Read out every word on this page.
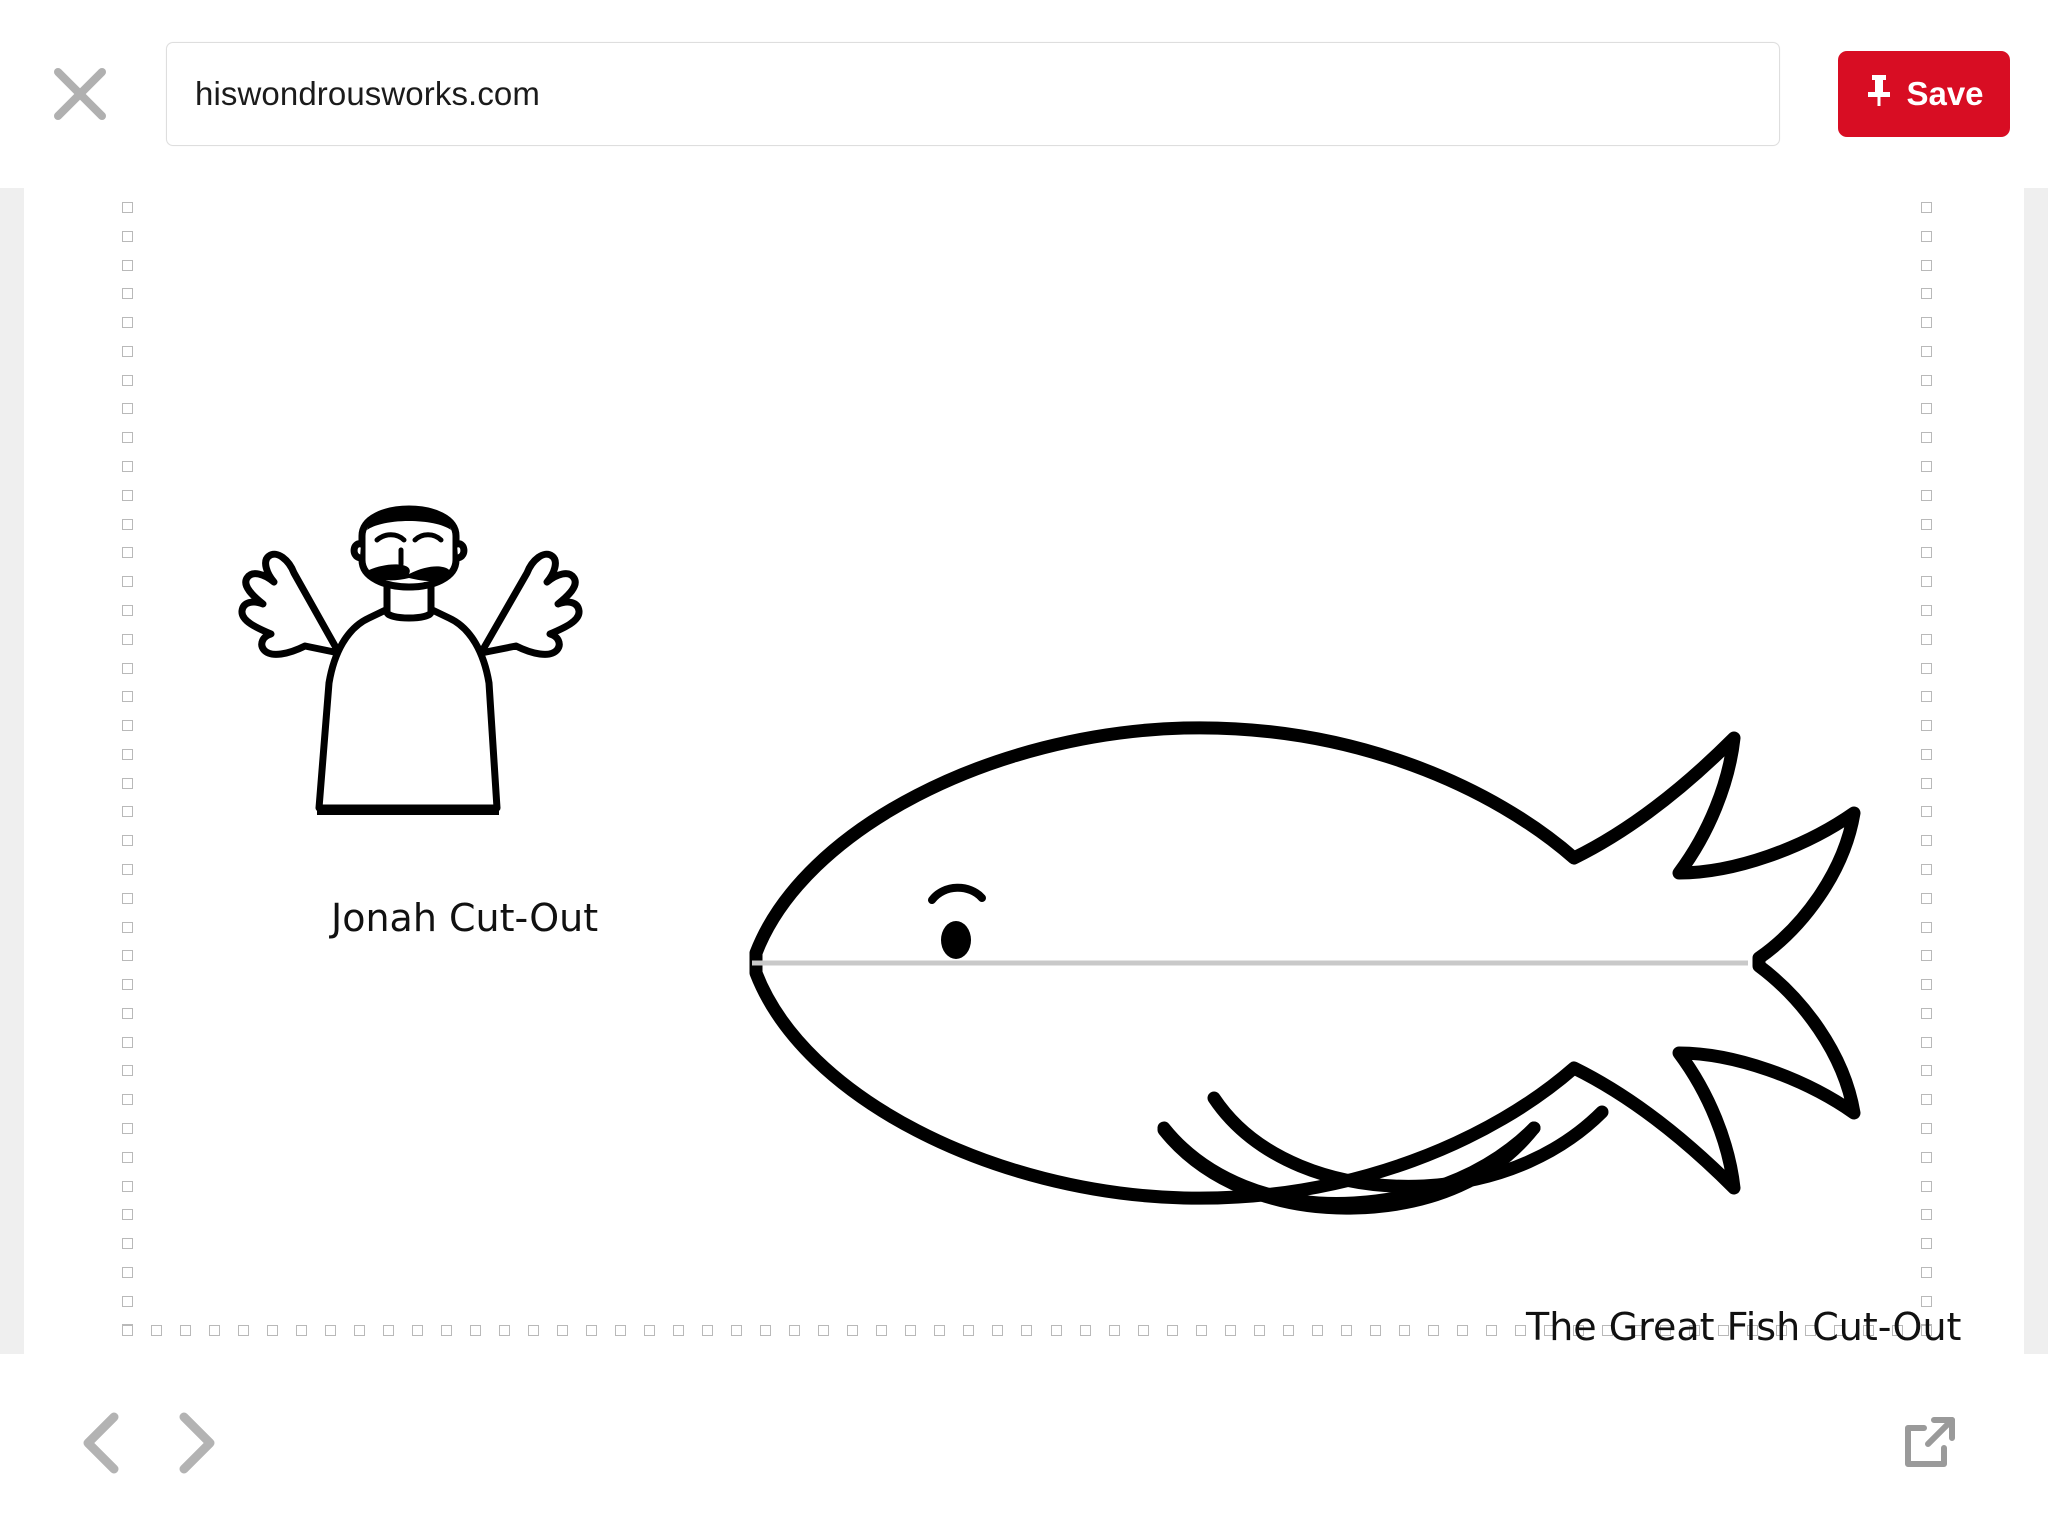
hiswondrousworks.com	Save
Jonah Cut-Out
The Great Fish Cut-Out
